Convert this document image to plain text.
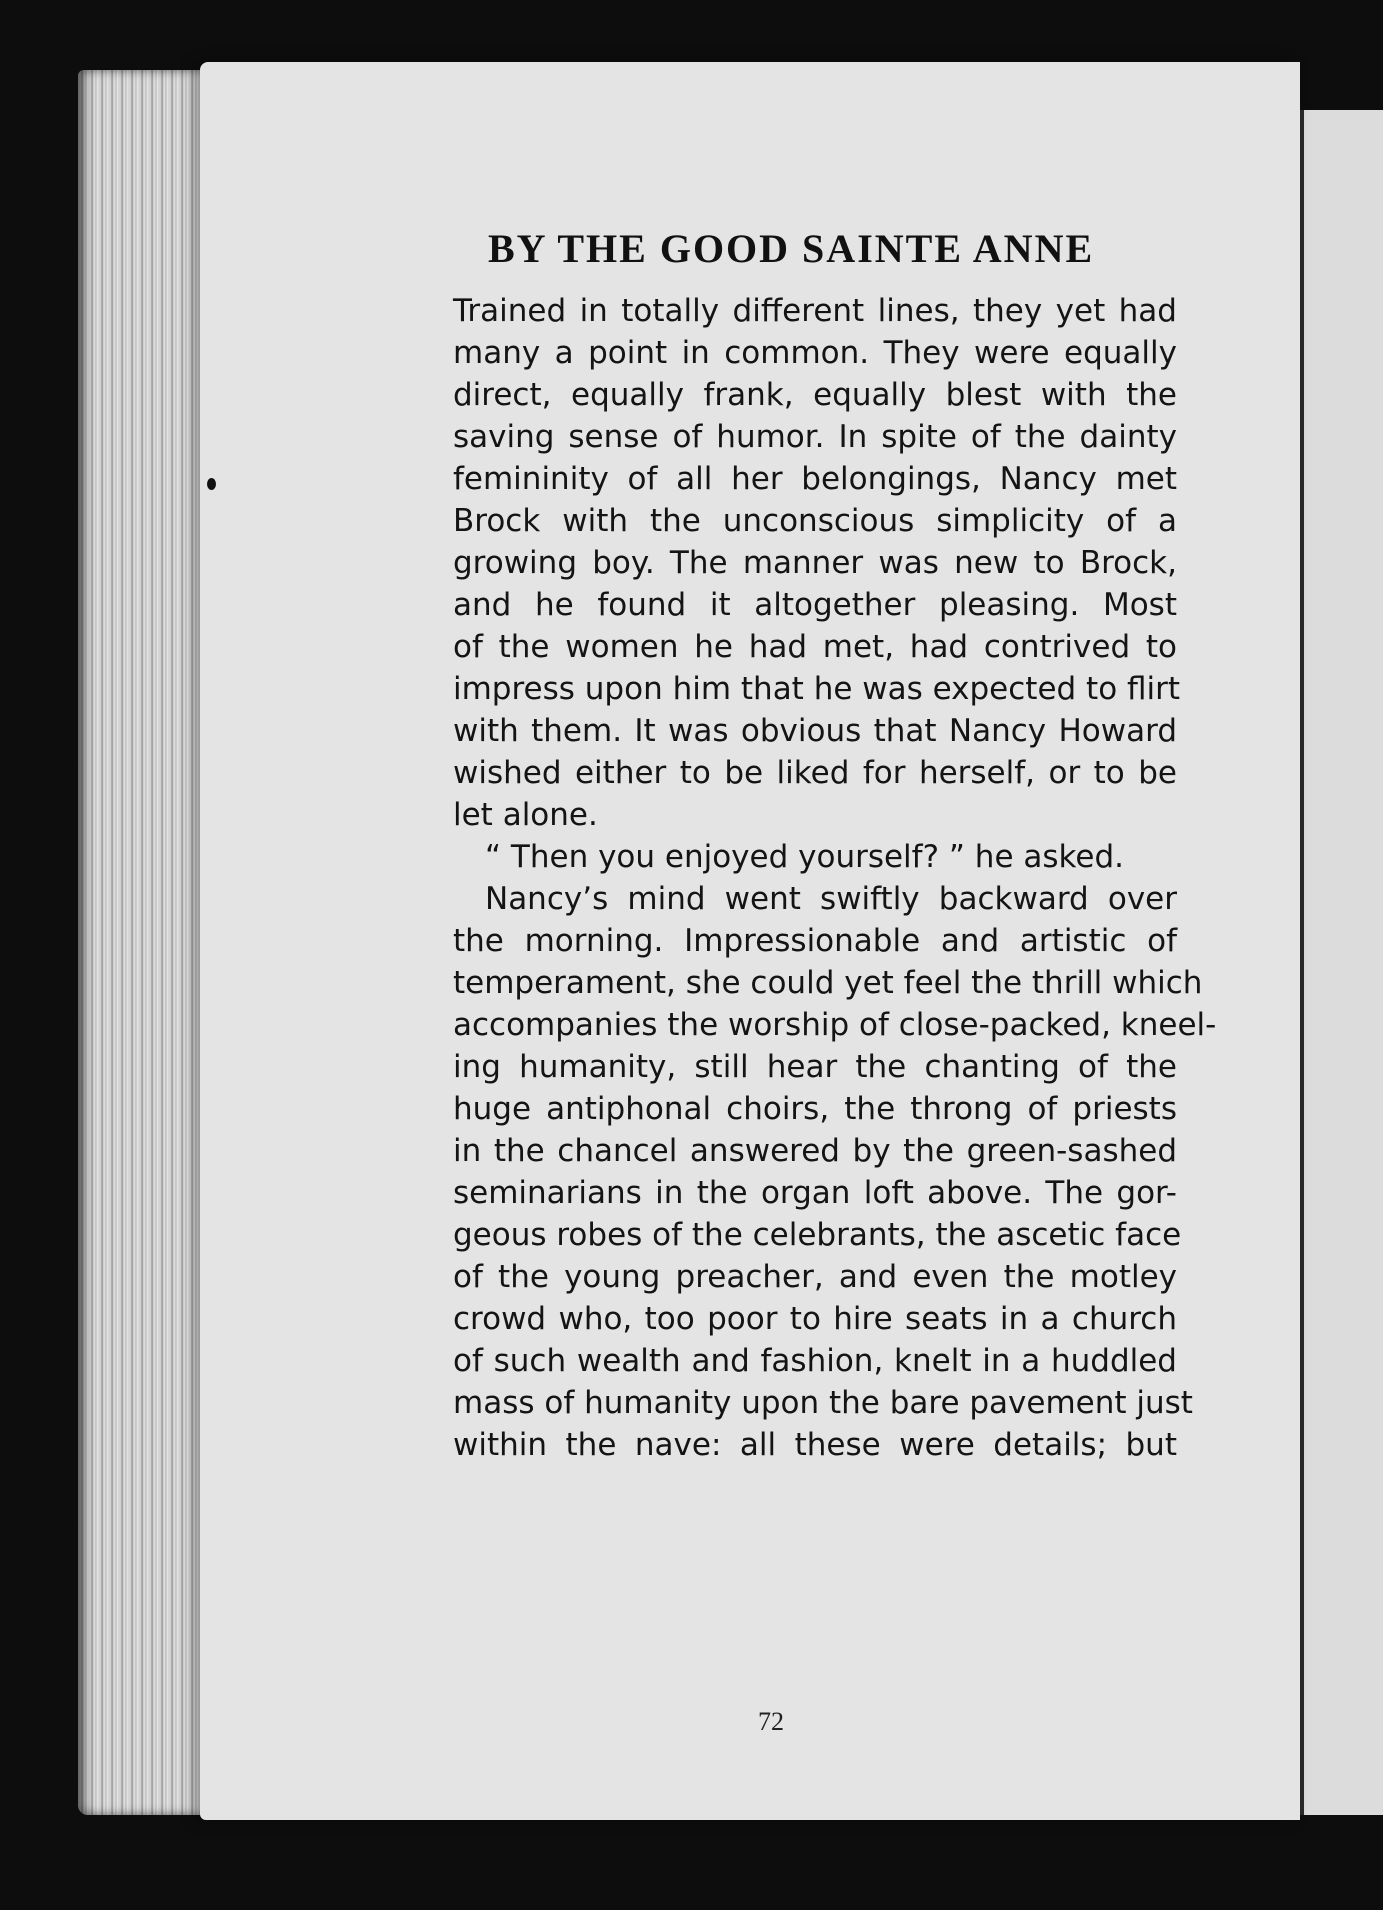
BY THE GOOD SAINTE ANNE
Trained in totally different lines, they yet had
many a point in common. They were equally
direct, equally frank, equally blest with the
saving sense of humor. In spite of the dainty
femininity of all her belongings, Nancy met
Brock with the unconscious simplicity of a
growing boy. The manner was new to Brock,
and he found it altogether pleasing. Most
of the women he had met, had contrived to
impress upon him that he was expected to flirt
with them. It was obvious that Nancy Howard
wished either to be liked for herself, or to be
let alone.
“ Then you enjoyed yourself? ” he asked.
Nancy’s mind went swiftly backward over
the morning. Impressionable and artistic of
temperament, she could yet feel the thrill which
accompanies the worship of close-packed, kneel-
ing humanity, still hear the chanting of the
huge antiphonal choirs, the throng of priests
in the chancel answered by the green-sashed
seminarians in the organ loft above. The gor-
geous robes of the celebrants, the ascetic face
of the young preacher, and even the motley
crowd who, too poor to hire seats in a church
of such wealth and fashion, knelt in a huddled
mass of humanity upon the bare pavement just
within the nave: all these were details; but
72
